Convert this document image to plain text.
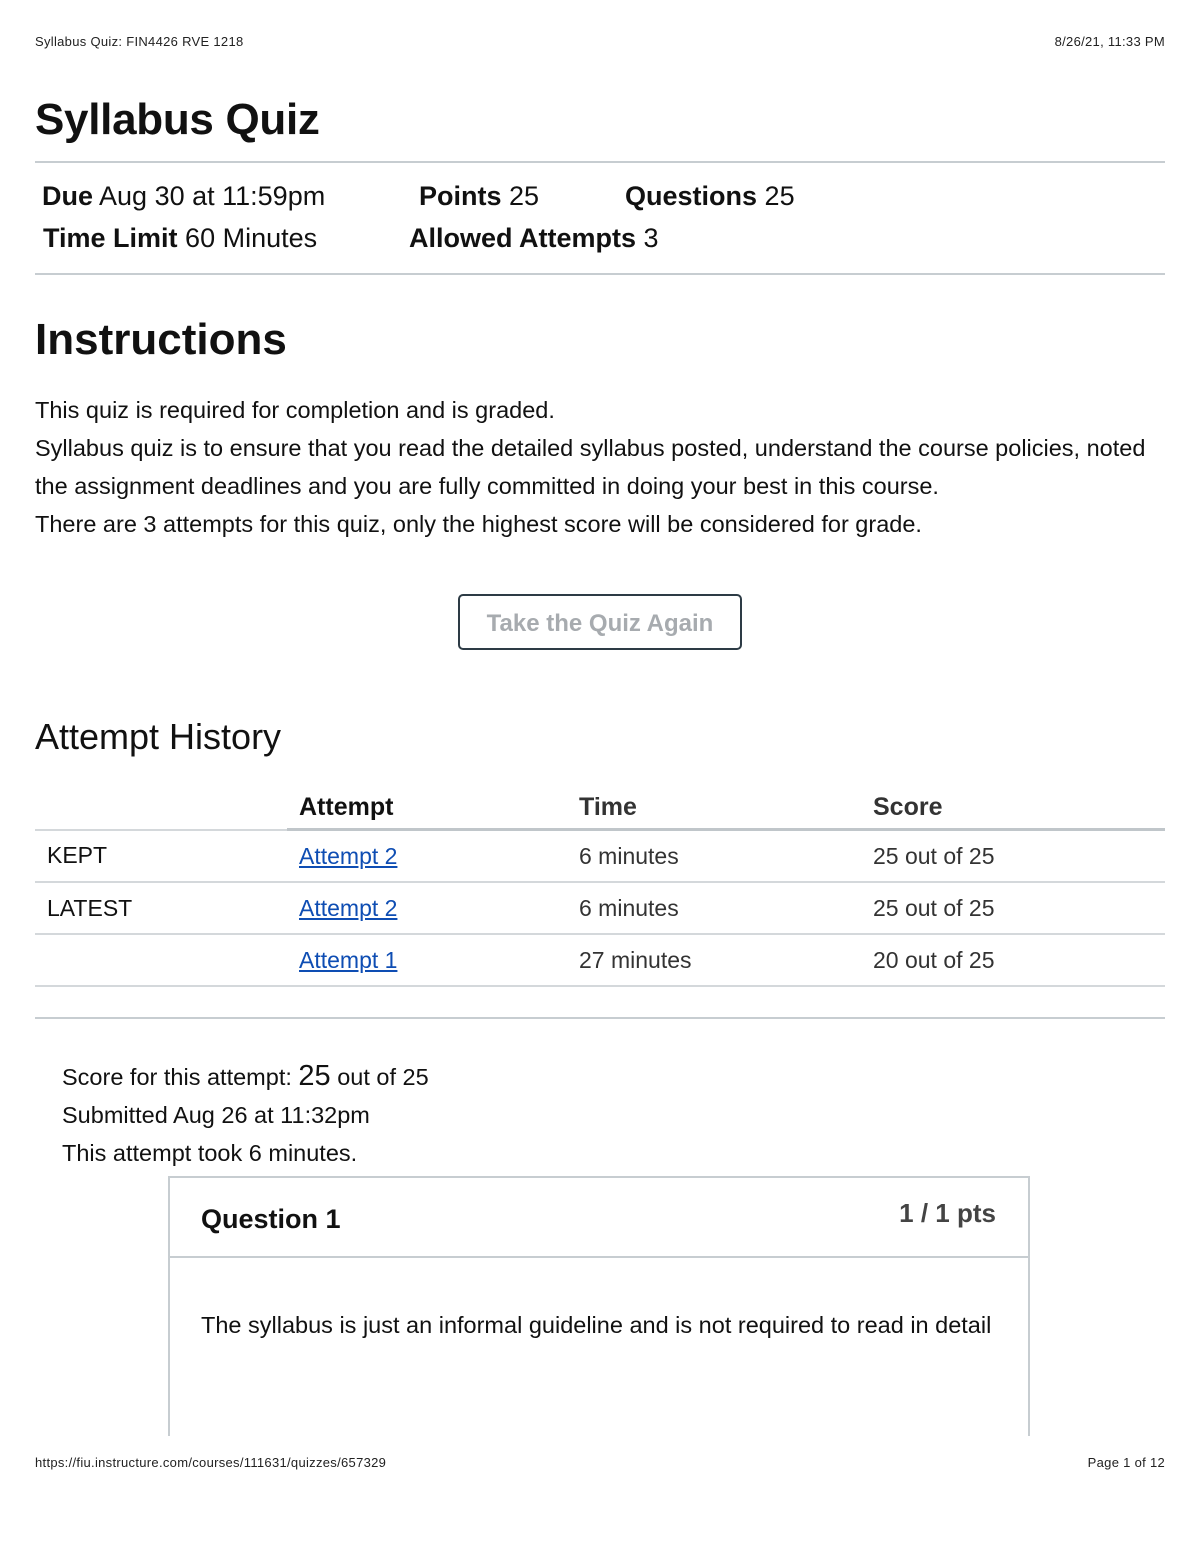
Syllabus Quiz: FIN4426 RVE 1218	8/26/21, 11:33 PM
Syllabus Quiz
Due Aug 30 at 11:59pm	Points 25	Questions 25
Time Limit 60 Minutes	Allowed Attempts 3
Instructions

This quiz is required for completion and is graded.

Syllabus quiz is to ensure that you read the detailed syllabus posted, understand the course policies, noted the assignment deadlines and you are fully committed in doing your best in this course.

There are 3 attempts for this quiz, only the highest score will be considered for grade.

Take the Quiz Again
Attempt History
	Attempt	Time	Score
KEPT	Attempt 2	6 minutes	25 out of 25
LATEST	Attempt 2	6 minutes	25 out of 25
	Attempt 1	27 minutes	20 out of 25
Score for this attempt: 25 out of 25
Submitted Aug 26 at 11:32pm
This attempt took 6 minutes.
Question 1	1 / 1 pts
The syllabus is just an informal guideline and is not required to read in detail
https://fiu.instructure.com/courses/111631/quizzes/657329	Page 1 of 12
